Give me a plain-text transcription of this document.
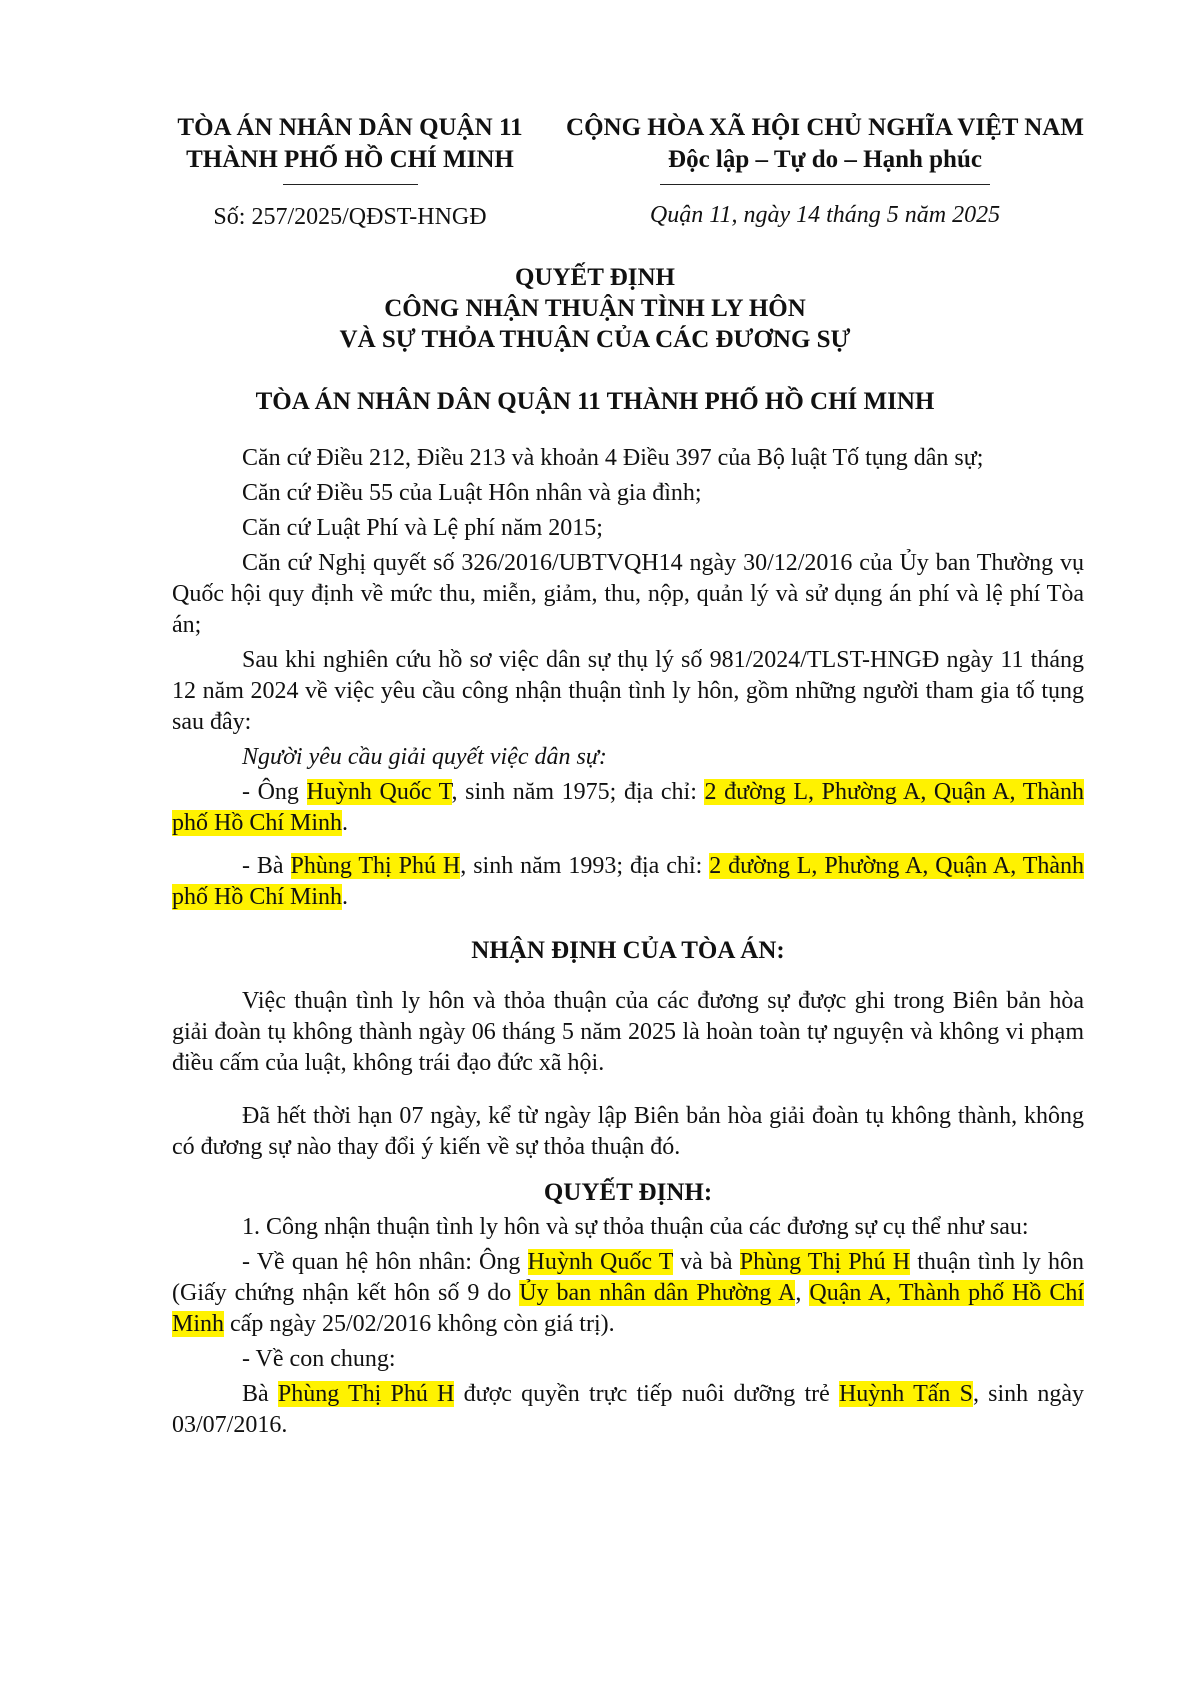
TÒA ÁN NHÂN DÂN QUẬN 11
THÀNH PHỐ HỒ CHÍ MINH
CỘNG HÒA XÃ HỘI CHỦ NGHĨA VIỆT NAM
Độc lập – Tự do – Hạnh phúc
Số: 257/2025/QĐST-HNGĐ	Quận 11, ngày 14 tháng 5 năm 2025
QUYẾT ĐỊNH
CÔNG NHẬN THUẬN TÌNH LY HÔN
VÀ SỰ THỎA THUẬN CỦA CÁC ĐƯƠNG SỰ
TÒA ÁN NHÂN DÂN QUẬN 11 THÀNH PHỐ HỒ CHÍ MINH

Căn cứ Điều 212, Điều 213 và khoản 4 Điều 397 của Bộ luật Tố tụng dân sự;

Căn cứ Điều 55 của Luật Hôn nhân và gia đình;

Căn cứ Luật Phí và Lệ phí năm 2015;

Căn cứ Nghị quyết số 326/2016/UBTVQH14 ngày 30/12/2016 của Ủy ban Thường vụ Quốc hội quy định về mức thu, miễn, giảm, thu, nộp, quản lý và sử dụng án phí và lệ phí Tòa án;

Sau khi nghiên cứu hồ sơ việc dân sự thụ lý số 981/2024/TLST-HNGĐ ngày 11 tháng 12 năm 2024 về việc yêu cầu công nhận thuận tình ly hôn, gồm những người tham gia tố tụng sau đây:

Người yêu cầu giải quyết việc dân sự:

- Ông Huỳnh Quốc T, sinh năm 1975; địa chỉ: 2 đường L, Phường A, Quận A, Thành phố Hồ Chí Minh.

- Bà Phùng Thị Phú H, sinh năm 1993; địa chỉ: 2 đường L, Phường A, Quận A, Thành phố Hồ Chí Minh.

NHẬN ĐỊNH CỦA TÒA ÁN:

Việc thuận tình ly hôn và thỏa thuận của các đương sự được ghi trong Biên bản hòa giải đoàn tụ không thành ngày 06 tháng 5 năm 2025 là hoàn toàn tự nguyện và không vi phạm điều cấm của luật, không trái đạo đức xã hội.

Đã hết thời hạn 07 ngày, kể từ ngày lập Biên bản hòa giải đoàn tụ không thành, không có đương sự nào thay đổi ý kiến về sự thỏa thuận đó.

QUYẾT ĐỊNH:

1. Công nhận thuận tình ly hôn và sự thỏa thuận của các đương sự cụ thể như sau:

- Về quan hệ hôn nhân: Ông Huỳnh Quốc T và bà Phùng Thị Phú H thuận tình ly hôn (Giấy chứng nhận kết hôn số 9 do Ủy ban nhân dân Phường A, Quận A, Thành phố Hồ Chí Minh cấp ngày 25/02/2016 không còn giá trị).

- Về con chung:

Bà Phùng Thị Phú H được quyền trực tiếp nuôi dưỡng trẻ Huỳnh Tấn S, sinh ngày 03/07/2016.
